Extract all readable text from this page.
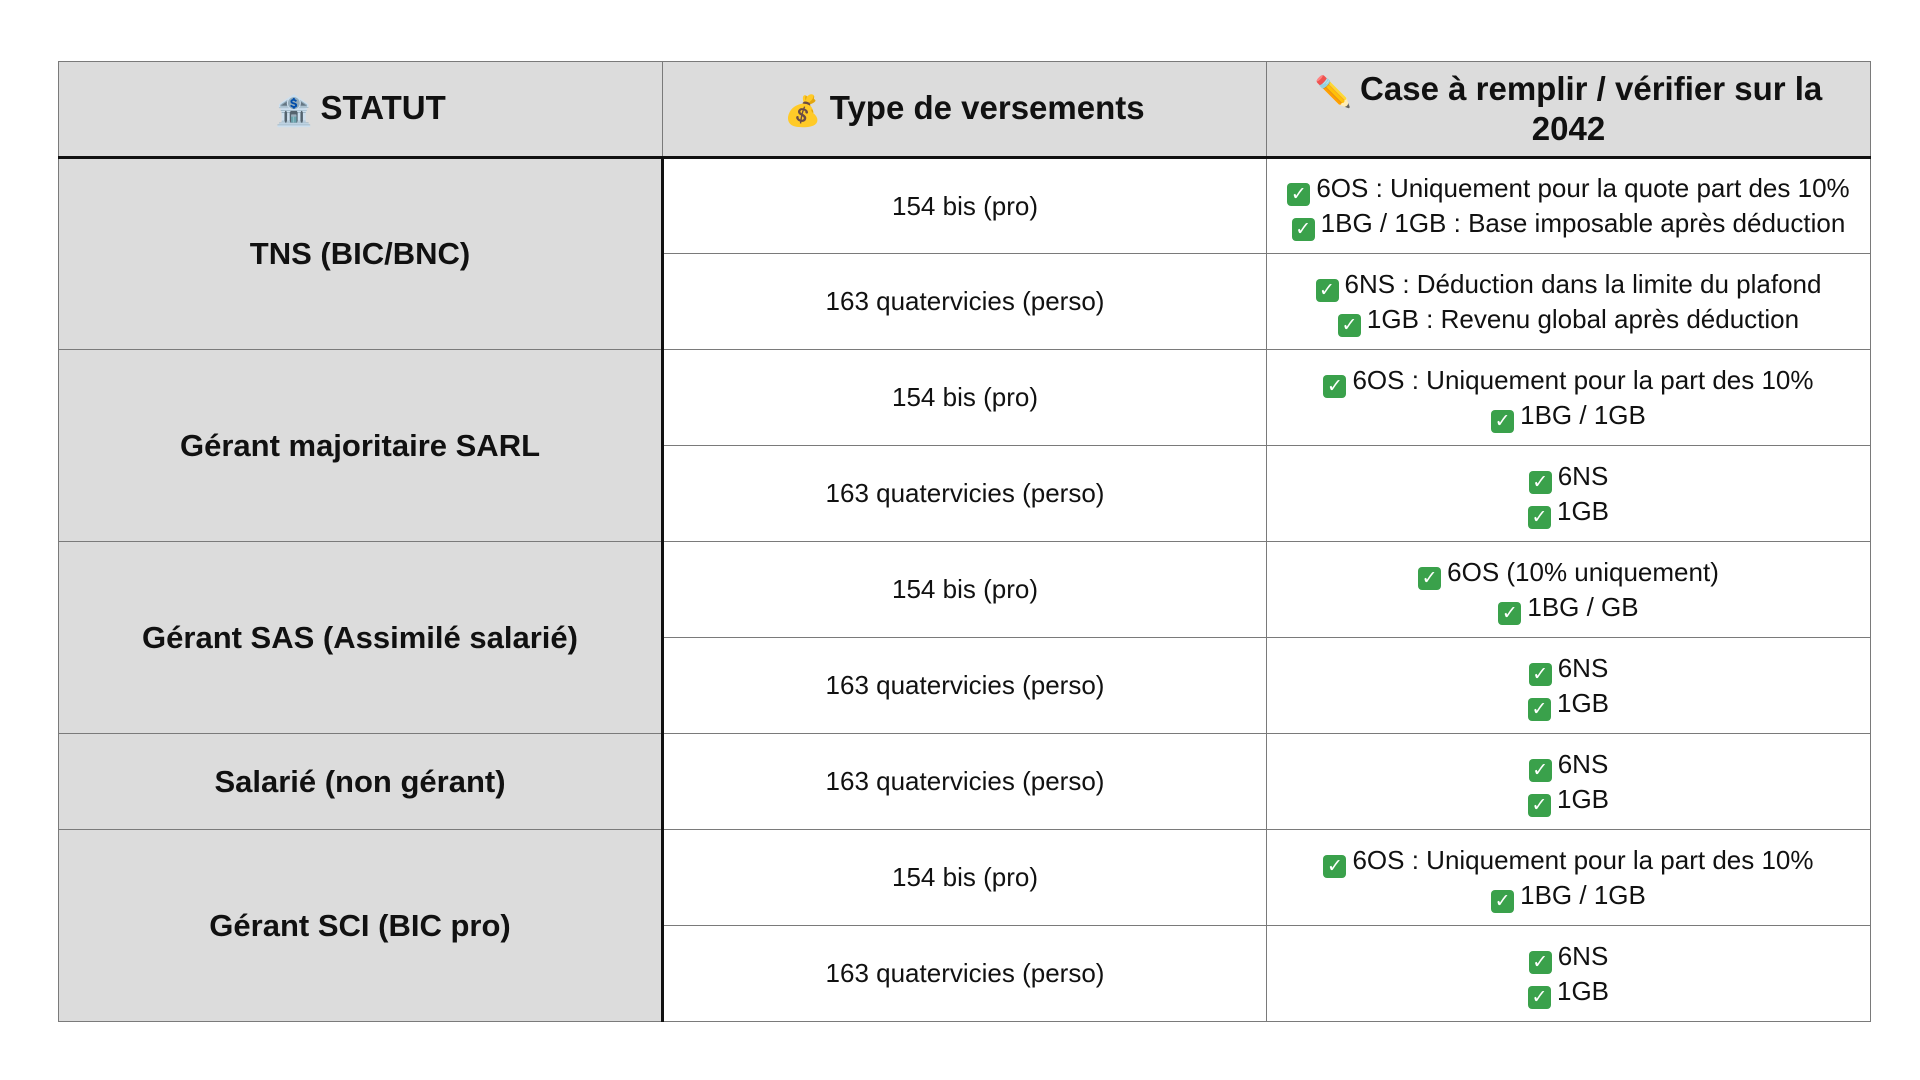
🏦 STATUT	💰 Type de versements	✏️ Case à remplir / vérifier sur la 2042
TNS (BIC/BNC)	154 bis (pro)	✓ 6OS : Uniquement pour la quote part des 10%
✓ 1BG / 1GB : Base imposable après déduction

	163 quatervicies (perso)	✓ 6NS : Déduction dans la limite du plafond
✓ 1GB : Revenu global après déduction

Gérant majoritaire SARL	154 bis (pro)	✓ 6OS : Uniquement pour la part des 10%
✓ 1BG / 1GB

	163 quatervicies (perso)	✓ 6NS
✓ 1GB

Gérant SAS (Assimilé salarié)	154 bis (pro)	✓ 6OS (10% uniquement)
✓ 1BG / GB

	163 quatervicies (perso)	✓ 6NS
✓ 1GB

Salarié (non gérant)	163 quatervicies (perso)	✓ 6NS
✓ 1GB

Gérant SCI (BIC pro)	154 bis (pro)	✓ 6OS : Uniquement pour la part des 10%
✓ 1BG / 1GB

	163 quatervicies (perso)	✓ 6NS
✓ 1GB
